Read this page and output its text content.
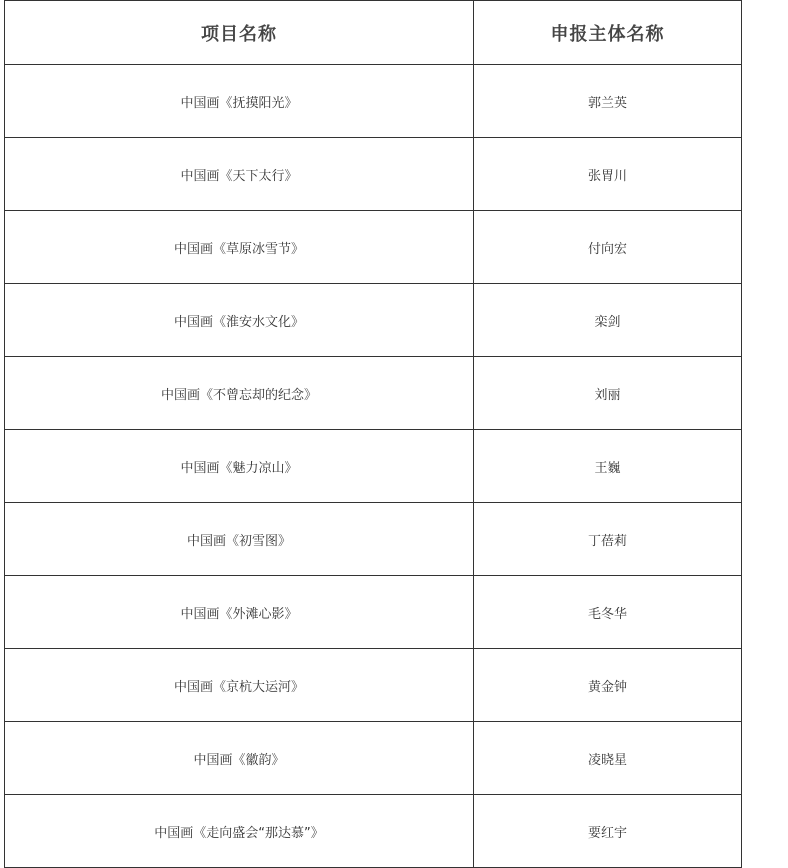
项目名称	申报主体名称
中国画《抚摸阳光》	郭兰英
中国画《天下太行》	张胃川
中国画《草原冰雪节》	付向宏
中国画《淮安水文化》	栾剑
中国画《不曾忘却的纪念》	刘丽
中国画《魅力凉山》	王巍
中国画《初雪图》	丁蓓莉
中国画《外滩心影》	毛冬华
中国画《京杭大运河》	黄金钟
中国画《徽韵》	凌晓星
中国画《走向盛会“那达慕”》	要红宇
